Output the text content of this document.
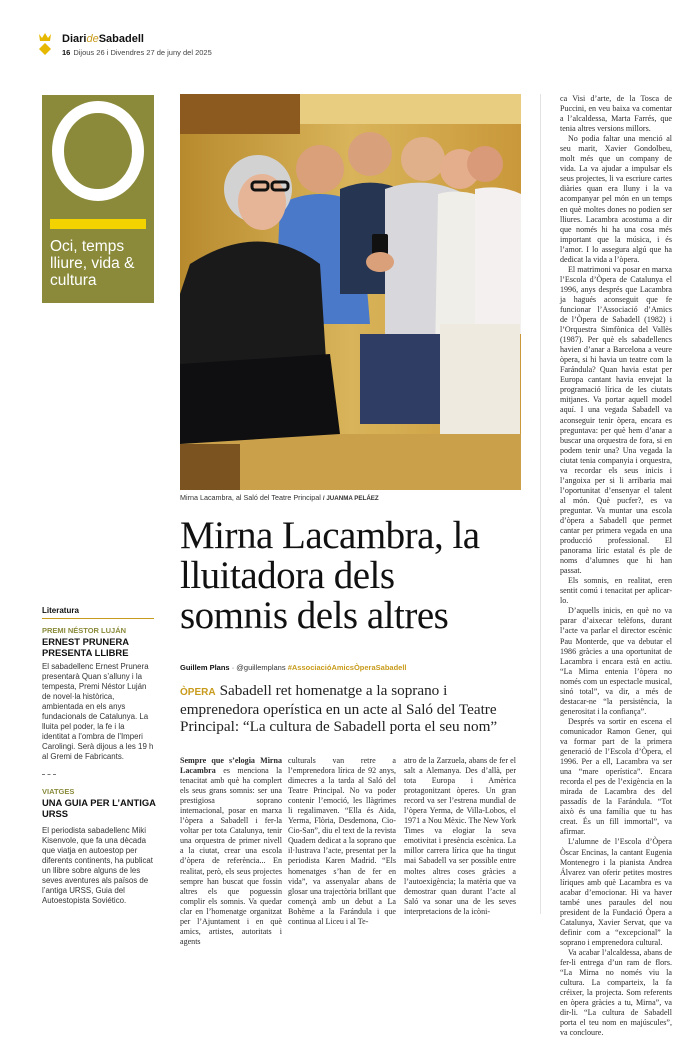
DiarideSabadell
16 Dijous 26 i Divendres 27 de juny del 2025
Oci, temps lliure, vida & cultura
Mirna Lacambra, al Saló del Teatre Principal / JUANMA PELÁEZ
Mirna Lacambra, la lluitadora dels somnis dels altres
Guillem Plans · @guillemplans #AssociacióAmicsÒperaSabadell
ÒPERA Sabadell ret homenatge a la soprano i emprenedora operística en un acte al Saló del Teatre Principal: “La cultura de Sabadell porta el seu nom”

Sempre que s’elogia Mirna Lacambra es menciona la tenacitat amb què ha complert els seus grans somnis: ser una prestigiosa soprano internacional, posar en marxa l’òpera a Sabadell i fer-la voltar per tota Catalunya, tenir una orquestra de primer nivell a la ciutat, crear una escola d’òpera de referència... En realitat, però, els seus projectes sempre han buscat que fossin altres els que poguessin complir els somnis. Va quedar clar en l’homenatge organitzat per l’Ajuntament i en què amics, artistes, autoritats i agents

culturals van retre a l’emprenedora lírica de 92 anys, dimecres a la tarda al Saló del Teatre Principal. No va poder contenir l’emoció, les llàgrimes li regalimaven. “Ella és Aida, Yerma, Flòria, Desdemona, Cio-Cio-San”, diu el text de la revista Quadern dedicat a la soprano que il·lustrava l’acte, presentat per la periodista Karen Madrid. “Els homenatges s’han de fer en vida”, va assenyalar abans de glosar una trajectòria brillant que començà amb un debut a La Bohème a la Farándula i que continua al Liceu i al Te-

atro de la Zarzuela, abans de fer el salt a Alemanya. Des d’allà, per tota Europa i Amèrica protagonitzant òperes. Un gran record va ser l’estrena mundial de l’òpera Yerma, de Villa-Lobos, el 1971 a Nou Mèxic. The New York Times va elogiar la seva emotivitat i presència escènica. La millor carrera lírica que ha tingut mai Sabadell va ser possible entre moltes altres coses gràcies a l’autoexigència; la matèria que va demostrar quan durant l’acte al Saló va sonar una de les seves interpretacions de la icòni-

ca Visi d’arte, de la Tosca de Puccini, en veu baixa va comentar a l’alcaldessa, Marta Farrés, que tenia altres versions millors.

No podia faltar una menció al seu marit, Xavier Gondolbeu, molt més que un company de vida. La va ajudar a impulsar els seus projectes, li va escriure cartes diàries quan era lluny i la va acompanyar pel món en un temps en què moltes dones no podien ser lliures. Lacambra acostuma a dir que només hi ha una cosa més important que la música, i és l’amor. I lo assegura algú que ha dedicat la vida a l’òpera.

El matrimoni va posar en marxa l’Escola d’Òpera de Catalunya el 1996, anys després que Lacambra ja hagués aconseguit que fe funcionar l’Associació d’Amics de l’Òpera de Sabadell (1982) i l’Orquestra Simfònica del Vallès (1987). Per què els sabadellencs havien d’anar a Barcelona a veure òpera, si hi havia un teatre com la Farándula? Quan havia estat per Europa cantant havia envejat la programació lírica de les ciutats mitjanes. Va portar aquell model aquí. I una vegada Sabadell va aconseguir tenir òpera, encara es preguntava: per què hem d’anar a buscar una orquestra de fora, si en podem tenir una? Una vegada la ciutat tenia companyia i orquestra, va recordar els seus inicis i l’angoixa per si li arribaria mai l’oportunitat d’ensenyar el talent al món. Què pucfer?, es va preguntar. Va muntar una escola d’òpera a Sabadell que permet cantar per primera vegada en una producció professional. El panorama líric estatal és ple de noms d’alumnes que hi han passat.

Els somnis, en realitat, eren sentit comú i tenacitat per aplicar-lo.

D’aquells inicis, en què no va parar d’aixecar telèfons, durant l’acte va parlar el director escènic Pau Monterde, que va debutar el 1986 gràcies a una oportunitat de Lacambra i encara està en actiu. “La Mirna entenia l’òpera no només com un espectacle musical, sinó total”, va dir, a més de destacar-ne “la persistència, la generositat i la confiança”.

Després va sortir en escena el comunicador Ramon Gener, qui va formar part de la primera generació de l’Escola d’Òpera, el 1996. Per a ell, Lacambra va ser una “mare operística”. Encara recorda el pes de l’exigència en la mirada de Lacambra des del passadís de la Farándula. “Tot això és una família que tu has creat. És un fill immortal”, va afirmar.

L’alumne de l’Escola d’Òpera Òscar Encinas, la cantant Eugenia Montenegro i la pianista Andrea Álvarez van oferir petites mostres líriques amb què Lacambra es va acabar d’emocionar. Hi va haver també unes paraules del nou president de la Fundació Òpera a Catalunya, Xavier Servat, que va definir com a “excepcional” la soprano i emprenedora cultural.

Va acabar l’alcaldessa, abans de fer-li entrega d’un ram de flors. “La Mirna no només viu la cultura. La comparteix, la fa créixer, la projecta. Som referents en òpera gràcies a tu, Mirna”, va dir-li. “La cultura de Sabadell porta el teu nom en majúscules”, va concloure.

Literatura
PREMI NÉSTOR LUJÁN
ERNEST PRUNERA PRESENTA LLIBRE
El sabadellenc Ernest Prunera presentarà Quan s’alluny i la tempesta, Premi Néstor Luján de novel·la històrica, ambientada en els anys fundacionals de Catalunya. La lluita pel poder, la fe i la identitat a l’ombra de l’Imperi Carolingi. Serà dijous a les 19 h al Gremi de Fabricants.
VIATGES
UNA GUIA PER L’ANTIGA URSS
El periodista sabadellenc Miki Kisenvole, que fa una dècada que viatja en autoestop per diferents continents, ha publicat un llibre sobre alguns de les seves aventures als països de l’antiga URSS, Guia del Autoestopista Soviético.
